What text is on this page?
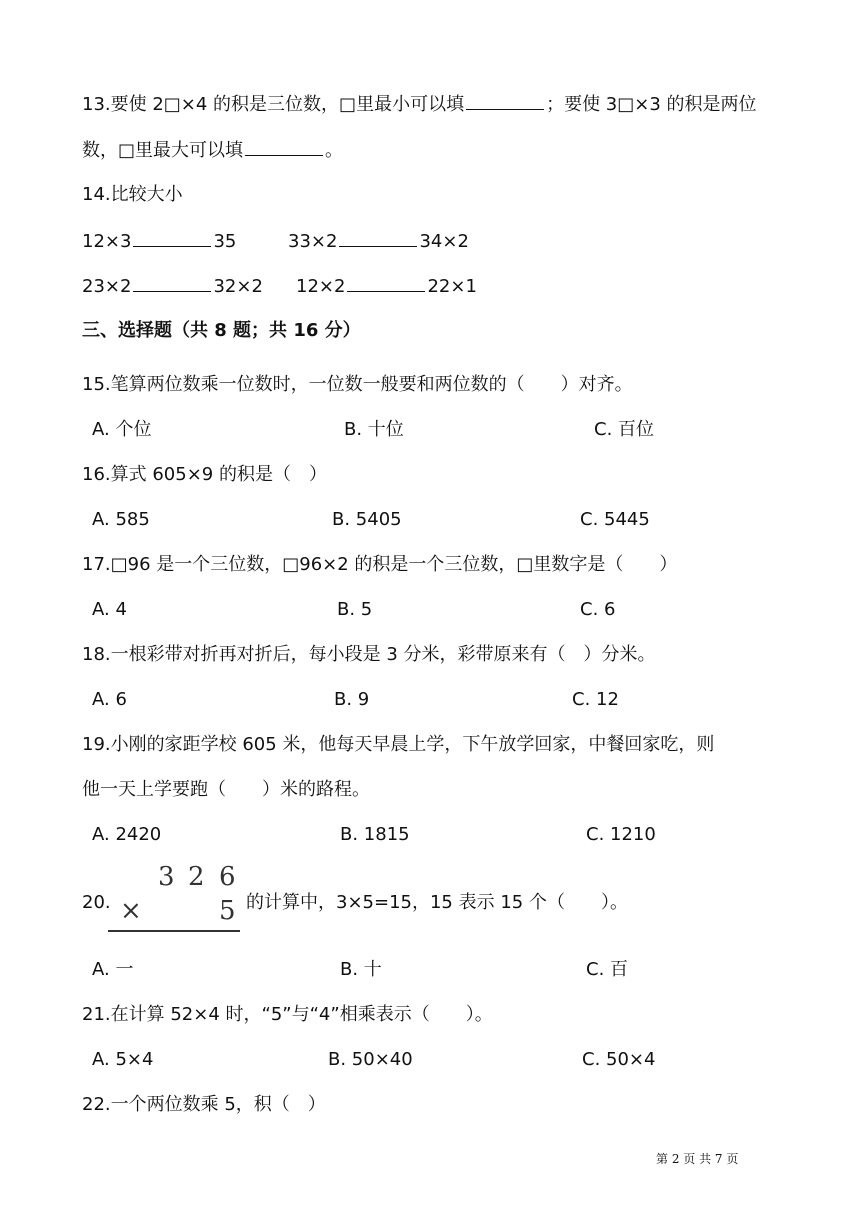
13.要使 2□×4 的积是三位数，□里最小可以填	；要使 3□×3 的积是两位
数，□里最大可以填	。
14.比较大小
12×3	35	33×2	34×2
23×2	32×2 12×2	22×1
三、选择题（共 8 题；共 16 分）
15.笔算两位数乘一位数时，一位数一般要和两位数的（　　）对齐。
A. 个位	B. 十位	C. 百位
16.算式 605×9 的积是（　）
A. 585	B. 5405	C. 5445
17.□96 是一个三位数，□96×2 的积是一个三位数，□里数字是（　　）
A. 4	B. 5	C. 6
18.一根彩带对折再对折后，每小段是 3 分米，彩带原来有（　）分米。
A. 6	B. 9	C. 12
19.小刚的家距学校 605 米，他每天早晨上学，下午放学回家，中餐回家吃，则
他一天上学要跑（　　）米的路程。
A. 2420	B. 1815	C. 1210
20.
3 2 6
×	5 的计算中，3×5=15，15 表示 15 个（　　）。
A. 一	B. 十	C. 百
21.在计算 52×4 时，“5”与“4”相乘表示（　　）。
A. 5×4	B. 50×40	C. 50×4
22.一个两位数乘 5，积（　）
第 2 页 共 7 页
